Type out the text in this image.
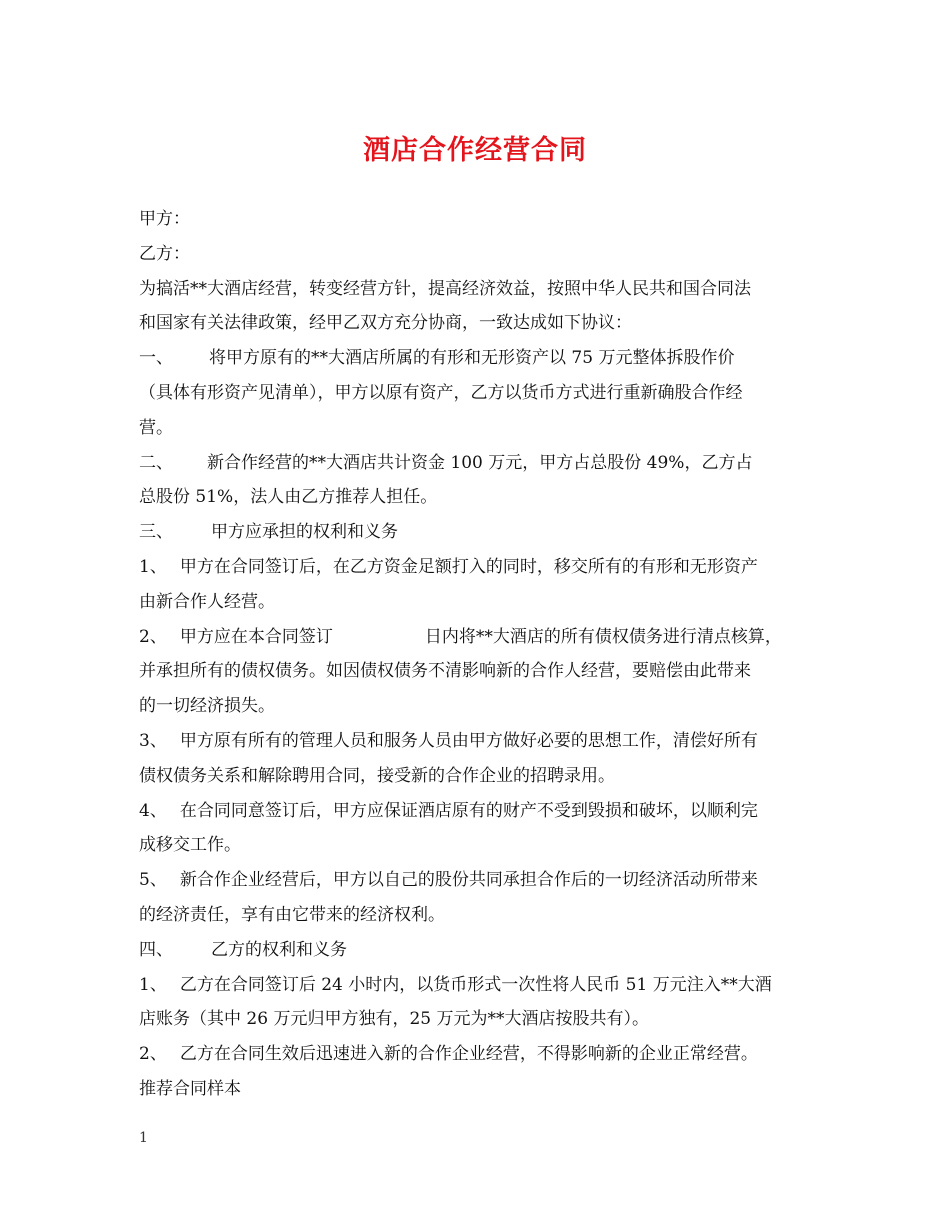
酒店合作经营合同
甲方：
乙方：
为搞活**大酒店经营，转变经营方针，提高经济效益，按照中华人民共和国合同法
和国家有关法律政策，经甲乙双方充分协商，一致达成如下协议：
一、 将甲方原有的**大酒店所属的有形和无形资产以 75 万元整体拆股作价
（具体有形资产见清单），甲方以原有资产，乙方以货币方式进行重新确股合作经
营。
二、 新合作经营的**大酒店共计资金 100 万元，甲方占总股份 49%，乙方占
总股份 51%，法人由乙方推荐人担任。
三、 甲方应承担的权利和义务
1、 甲方在合同签订后，在乙方资金足额打入的同时，移交所有的有形和无形资产
由新合作人经营。
2、 甲方应在本合同签订	日内将**大酒店的所有债权债务进行清点核算，
并承担所有的债权债务。如因债权债务不清影响新的合作人经营，要赔偿由此带来
的一切经济损失。
3、 甲方原有所有的管理人员和服务人员由甲方做好必要的思想工作，清偿好所有
债权债务关系和解除聘用合同，接受新的合作企业的招聘录用。
4、 在合同同意签订后，甲方应保证酒店原有的财产不受到毁损和破坏，以顺利完
成移交工作。
5、 新合作企业经营后，甲方以自己的股份共同承担合作后的一切经济活动所带来
的经济责任，享有由它带来的经济权利。
四、 乙方的权利和义务
1、 乙方在合同签订后 24 小时内，以货币形式一次性将人民币 51 万元注入**大酒
店账务（其中 26 万元归甲方独有，25 万元为**大酒店按股共有）。
2、 乙方在合同生效后迅速进入新的合作企业经营，不得影响新的企业正常经营。
推荐合同样本
1
